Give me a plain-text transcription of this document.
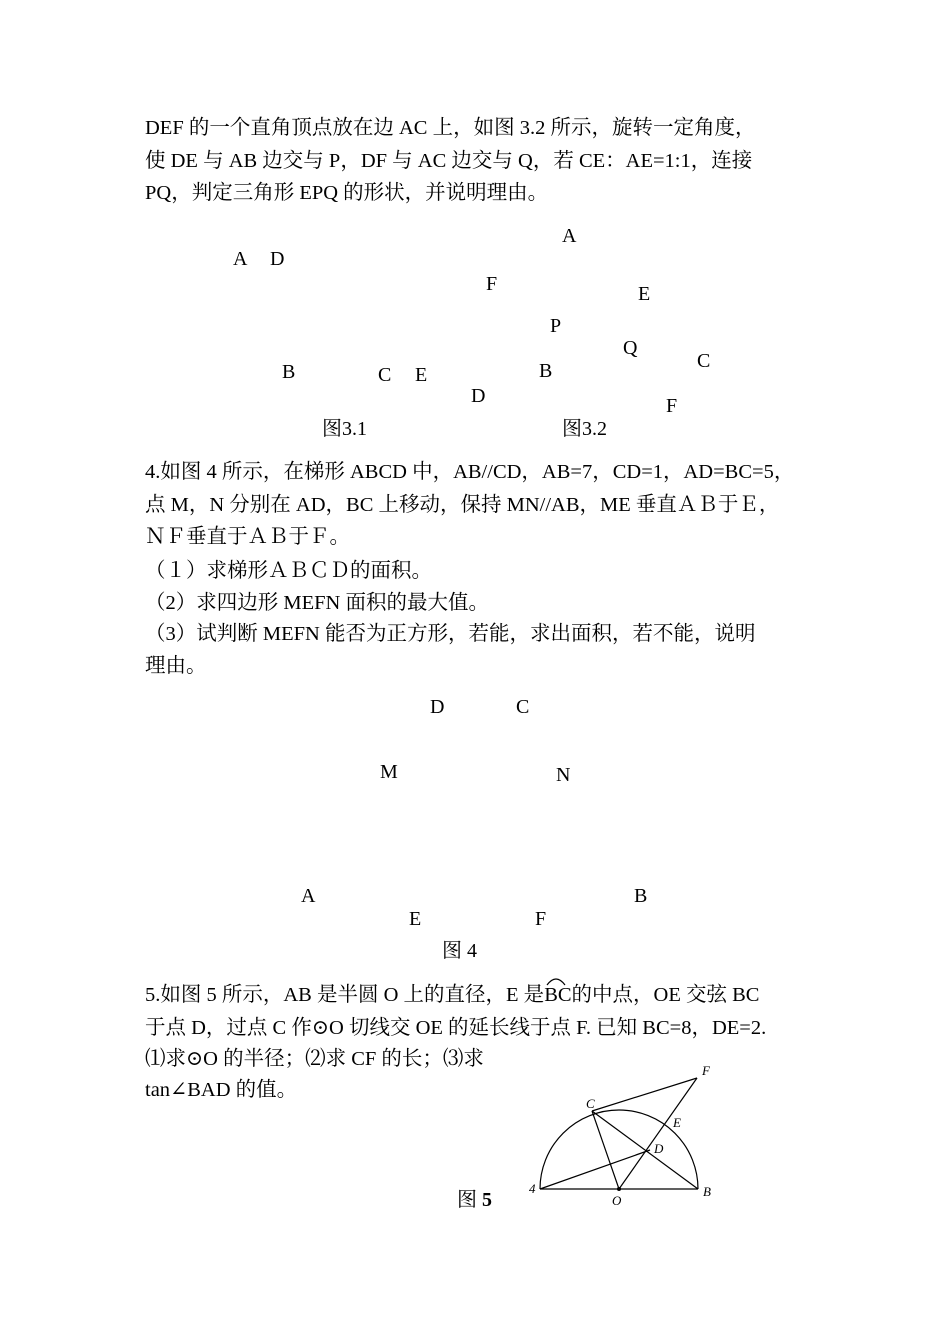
DEF 的一个直角顶点放在边 AC 上，如图 3.2 所示，旋转一定角度，
使 DE 与 AB 边交与 P，DF 与 AC 边交与 Q，若 CE：AE=1:1，连接
PQ，判定三角形 EPQ 的形状，并说明理由。
A D
B	C E
图3.1
A
F	E
P
Q
C
B
D	F
图3.2
4.如图 4 所示，在梯形 ABCD 中，AB//CD，AB=7，CD=1，AD=BC=5，
点 M，N 分别在 AD，BC 上移动，保持 MN//AB，ME 垂直ＡＢ于Ｅ，
ＮＦ垂直于ＡＢ于Ｆ。
（１）求梯形ＡＢＣＤ的面积。
（2）求四边形 MEFN 面积的最大值。
（3）试判断 MEFN 能否为正方形，若能，求出面积，若不能，说明
理由。
D	C
M	N
A	B
E	F
图 4
5.如图 5 所示，AB 是半圆 O 上的直径，E 是
BC的中点，OE 交弦 BC
于点 D，过点 C 作⊙O 切线交 OE 的延长线于点 F. 已知 BC=8，DE=2.
⑴求⊙O 的半径；⑵求 CF 的长；⑶求
tan∠BAD 的值。
图 5
C
F
E
D
4
O
B
